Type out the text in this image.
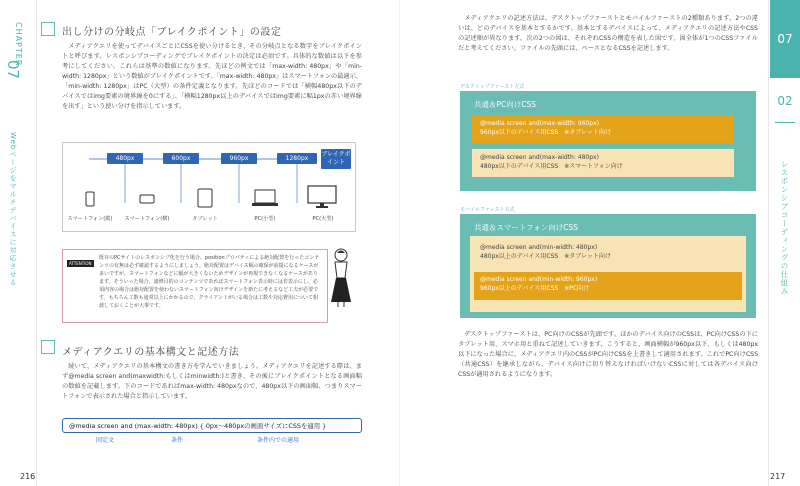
CHAPTER
07
Webページをマルチデバイスに対応させる
出し分けの分岐点「ブレイクポイント」の設定
メディアクエリを使ってデバイスごとにCSSを使い分けるとき、その分岐点となる数字をブレイクポイントと呼びます。レスポンシブコーディングでブレイクポイントの決定は必須です。具体的な数値は以下を参考にしてください。これらは基準の数値になります。先ほどの例文では「max-width: 480px」や「min-width: 1280px」という数値がブレイクポイントです。「max-width: 480px」はスマートフォンの最適示、「min-width: 1280px」はPC（大型）の条件定義となります。先ほどのコードでは「横幅480px以下のデバイスではimg要素の境界線を0にする」、「横幅1280px以上のデバイスではimg要素に幅1pxの赤い境界線を出す」という使い分けを指示しています。
480px	600px	960px	1280px
ブレイクポイント
スマートフォン(縦)	スマートフォン(横)	タブレット	PC(小型)	PC(大型)
ATTENTION
既存のPCサイトのレスポンシブ化を行う場合、positionプロパティによる絶対配置を行ったコンテンツの有無は必ず確認するようにしましょう。絶対配置はデバイス幅の確保が前提になるケースが多いですが、スマートフォンなどに幅が大きくないためデザインが再現できなくなるケースがあります。そういった場合、諸修目的のコンテンツであればスマートフォン表示時には非表示にし、必須内容の場合は絶対配置を使わないスマートフォン向けデザインを新たに考えるなど工夫が必要です。もちろん工数も通常以上にかかるので、クライアントがいる場合は工数や対応費用について相談しておくことが大事です。
メディアクエリの基本構文と記述方法
続いて、メディアクエリの基本構文の書き方を学んでいきましょう。メディアクエリを記述する際は、まず@media screen and(maxwidth:もしくはminwidth:)と書き、その後にブレイクポイントとなる画面幅の数値を記載します。下のコードであればmax-width: 480pxなので、480px以下の画面幅、つまりスマートフォンで表示された場合と指示しています。
@media screen and (max-width: 480px) { 0px～480pxの画面サイズにCSSを適用 }
固定文	条件	条件内での適用
216
メディアクエリの記述方法は、デスクトップファーストとモバイルファーストの2種類あります。2つの違いは、どのデバイスを基本とするかです。基本とするデバイスによって、メディアクエリの記述方法やCSSの記述順が異なります。次の2つの図は、それぞれCSSの構造を表した図です。図全体が1つのCSSファイルだと考えてください。ファイルの先頭には、ベースとなるCSSを記述します。
デスクトップファースト方式
共通＆PC向けCSS
@media screen and(max-width: 960px)
960px以下のデバイス用CSS　※タブレット向け
@media screen and(max-width: 480px)
480px以下のデバイス用CSS　※スマートフォン向け
モバイルファースト方式
共通＆スマートフォン向けCSS
@media screen and(min-width: 480px)
480px以上のデバイス用CSS　※タブレット向け
@media screen and(min-width: 960px)
960px以上のデバイス用CSS　※PC向け
デスクトップファーストは、PC向けのCSSが先頭です。ほかのデバイス向けのCSSは、PC向けCSSの下にタブレット用、スマホ用と重ねて記述していきます。こうすると、画面横幅が960px以下、もしくは480px以下になった場合に、メディアクエリ内のCSSがPC向けCSSを上書きして適用されます。これでPC向けCSS（共通CSS）を継承しながら、デバイス向けに切り替えなければいけないCSSに対しては各デバイス向けCSSが適用されるようになります。
217
07
02
レスポンシブコーディングの仕組み
